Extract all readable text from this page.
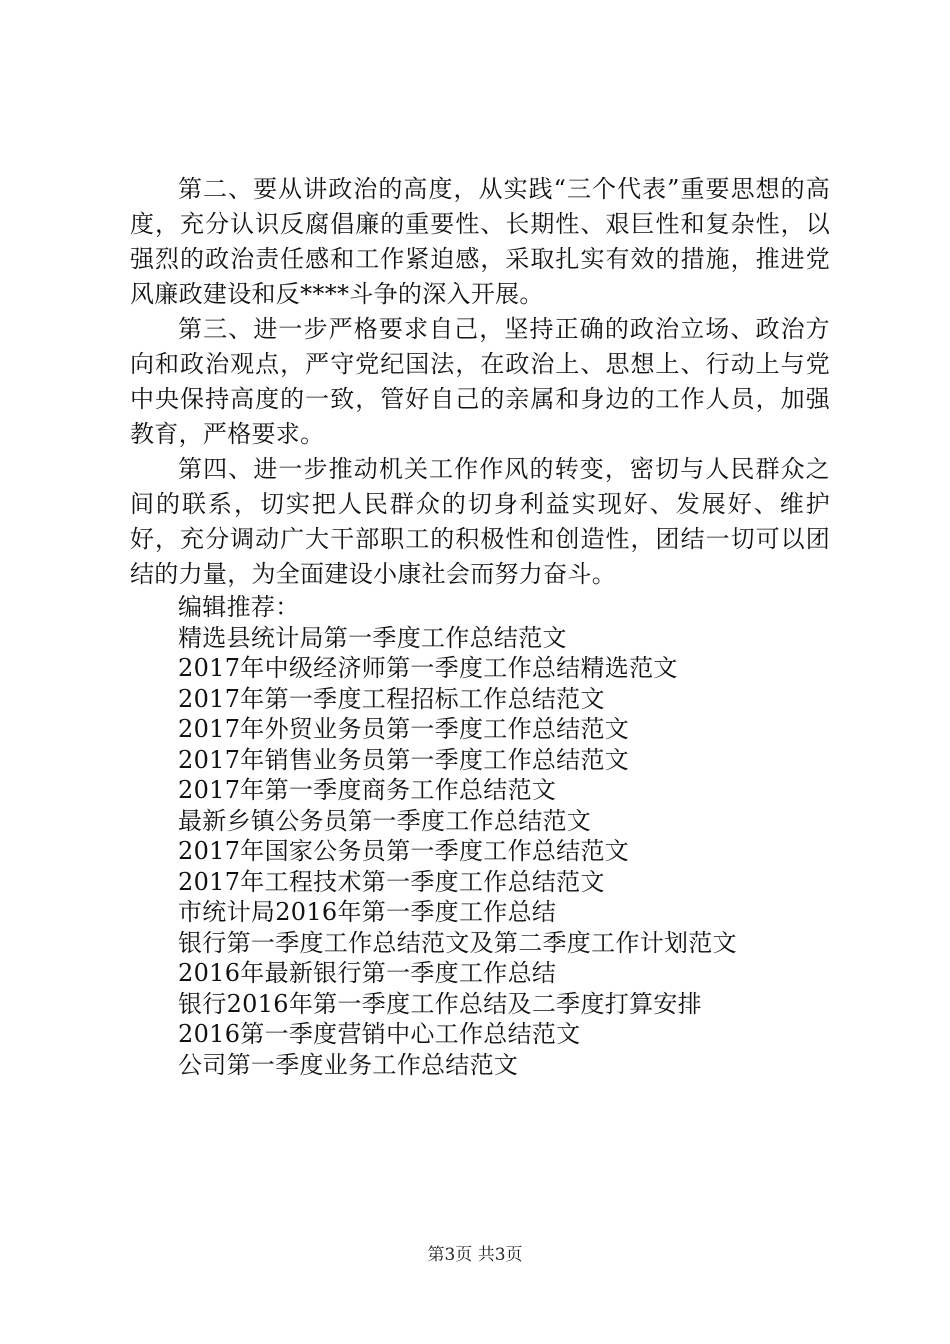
第二、要从讲政治的高度，从实践“三个代表”重要思想的高度，充分认识反腐倡廉的重要性、长期性、艰巨性和复杂性，以强烈的政治责任感和工作紧迫感，采取扎实有效的措施，推进党风廉政建设和反****斗争的深入开展。

第三、进一步严格要求自己，坚持正确的政治立场、政治方向和政治观点，严守党纪国法，在政治上、思想上、行动上与党中央保持高度的一致，管好自己的亲属和身边的工作人员，加强教育，严格要求。

第四、进一步推动机关工作作风的转变，密切与人民群众之间的联系，切实把人民群众的切身利益实现好、发展好、维护好，充分调动广大干部职工的积极性和创造性，团结一切可以团结的力量，为全面建设小康社会而努力奋斗。

编辑推荐：

精选县统计局第一季度工作总结范文
2017年中级经济师第一季度工作总结精选范文
2017年第一季度工程招标工作总结范文
2017年外贸业务员第一季度工作总结范文
2017年销售业务员第一季度工作总结范文
2017年第一季度商务工作总结范文
最新乡镇公务员第一季度工作总结范文
2017年国家公务员第一季度工作总结范文
2017年工程技术第一季度工作总结范文
市统计局2016年第一季度工作总结
银行第一季度工作总结范文及第二季度工作计划范文
2016年最新银行第一季度工作总结
银行2016年第一季度工作总结及二季度打算安排
2016第一季度营销中心工作总结范文
公司第一季度业务工作总结范文
第3页 共3页
